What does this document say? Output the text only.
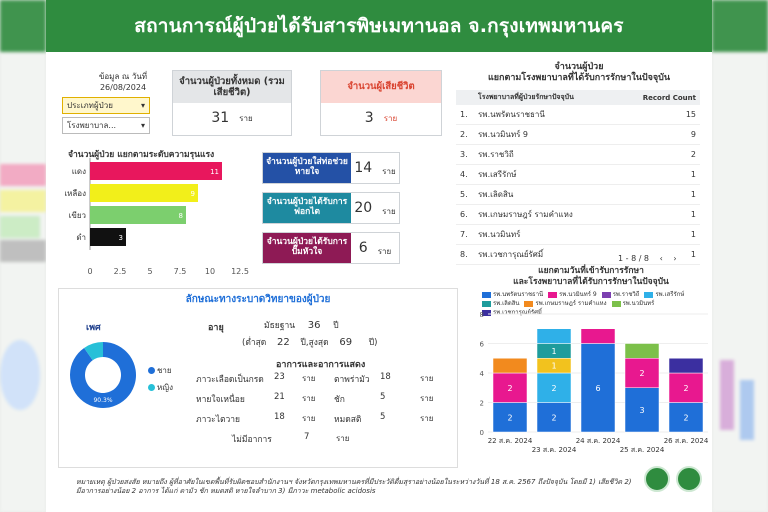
สถานการณ์ผู้ป่วยได้รับสารพิษเมทานอล จ.กรุงเทพมหานคร
ข้อมูล ณ วันที่
26/08/2024
ประเภทผู้ป่วย	▾
โรงพยาบาล...	▾
จำนวนผู้ป่วยทั้งหมด (รวมเสียชีวิต)
31 ราย
จำนวนผู้เสียชีวิต
3 ราย
จำนวนผู้ป่วย แยกตามระดับความรุนแรง
แดง	11
เหลือง	9
เขียว	8
ดำ	3
0	2.5	5	7.5 10 12.5
จำนวนผู้ป่วยใส่ท่อช่วยหายใจ	14 ราย
จำนวนผู้ป่วยได้รับการฟอกไต	20 ราย
จำนวนผู้ป่วยได้รับการปั๊มหัวใจ	6 ราย
จำนวนผู้ป่วย
แยกตามโรงพยาบาลที่ได้รับการรักษาในปัจจุบัน
	โรงพยาบาลที่ผู้ป่วยรักษาปัจจุบัน	Record Count
1.	รพ.นพรัตนราชธานี	15
2.	รพ.นวมินทร์ 9	9
3.	รพ.ราชวิถี	2
4.	รพ.เสรีรักษ์	1
5.	รพ.เลิดสิน	1
6.	รพ.เกษมราษฎร์ รามคำแหง	1
7.	รพ.นวมินทร์	1
8.	รพ.เวชการุณย์รัศมิ์	1
1 - 8 / 8 ‹ ›
ลักษณะทางระบาดวิทยาของผู้ป่วย
เพศ
90.3%
ชาย
หญิง
อายุ	มัธยฐาน 36 ปี
(ต่ำสุด 22 ปี,สูงสุด 69 ปี)
อาการและอาการแสดง
ภาวะเลือดเป็นกรด 23 ราย
หายใจเหนื่อย	21 ราย
ภาวะไตวาย	18 ราย
ไม่มีอาการ	7	ราย
ตาพร่ามัว 18	ราย
ชัก	5	ราย
หมดสติ 5	ราย
แยกตามวันที่เข้ารับการรักษา
และโรงพยาบาลที่ได้รับการรักษาในปัจจุบัน
รพ.นพรัตนราชธานี	รพ.นวมินทร์ 9	รพ.ราชวิถี	รพ.เสรีรักษ์รพ.เลิดสิน	รพ.เกษมราษฎร์ รามคำแหง	รพ.นวมินทร์รพ.เวชการุณย์รัศมิ์
0
2
4
6
8
2
2
2
2
1
1
6
3
2
2
2
22 ส.ค. 2024
23 ส.ค. 2024
24 ส.ค. 2024
25 ส.ค. 2024
26 ส.ค. 2024
หมายเหตุ ผู้ป่วยสงสัย หมายถึง ผู้ที่อาศัยในเขตพื้นที่รับผิดชอบสำนักงานฯ จังหวัดกรุงเทพมหานครที่มีประวัติดื่มสุราอย่างน้อยในระหว่างวันที่ 18 ส.ค. 2567 ถึงปัจจุบัน โดยมี 1) เสียชีวิต 2) มีอาการอย่างน้อย 2 อาการ ได้แก่ ตามัว ชัก หมดสติ หายใจลำบาก 3) มีภาวะ metabolic acidosis
